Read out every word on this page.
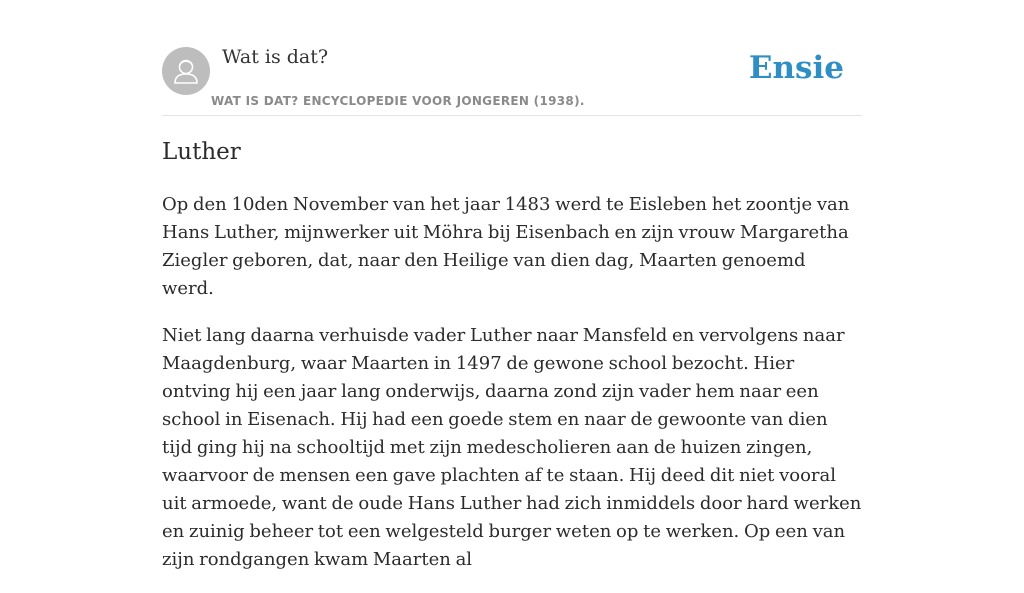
Wat is dat?
WAT IS DAT? ENCYCLOPEDIE VOOR JONGEREN (1938).
Ensie
Luther

Op den 10den November van het jaar 1483 werd te Eisleben het zoontje van Hans Luther, mijnwerker uit Möhra bij Eisenbach en zijn vrouw Margaretha Ziegler geboren, dat, naar den Heilige van dien dag, Maarten genoemd werd.

Niet lang daarna verhuisde vader Luther naar Mansfeld en vervolgens naar Maagdenburg, waar Maarten in 1497 de gewone school bezocht. Hier ontving hij een jaar lang onderwijs, daarna zond zijn vader hem naar een school in Eisenach. Hij had een goede stem en naar de gewoonte van dien tijd ging hij na schooltijd met zijn medescholieren aan de huizen zingen, waarvoor de mensen een gave plachten af te staan. Hij deed dit niet vooral uit armoede, want de oude Hans Luther had zich inmiddels door hard werken en zuinig beheer tot een welgesteld burger weten op te werken. Op een van zijn rondgangen kwam Maarten al
